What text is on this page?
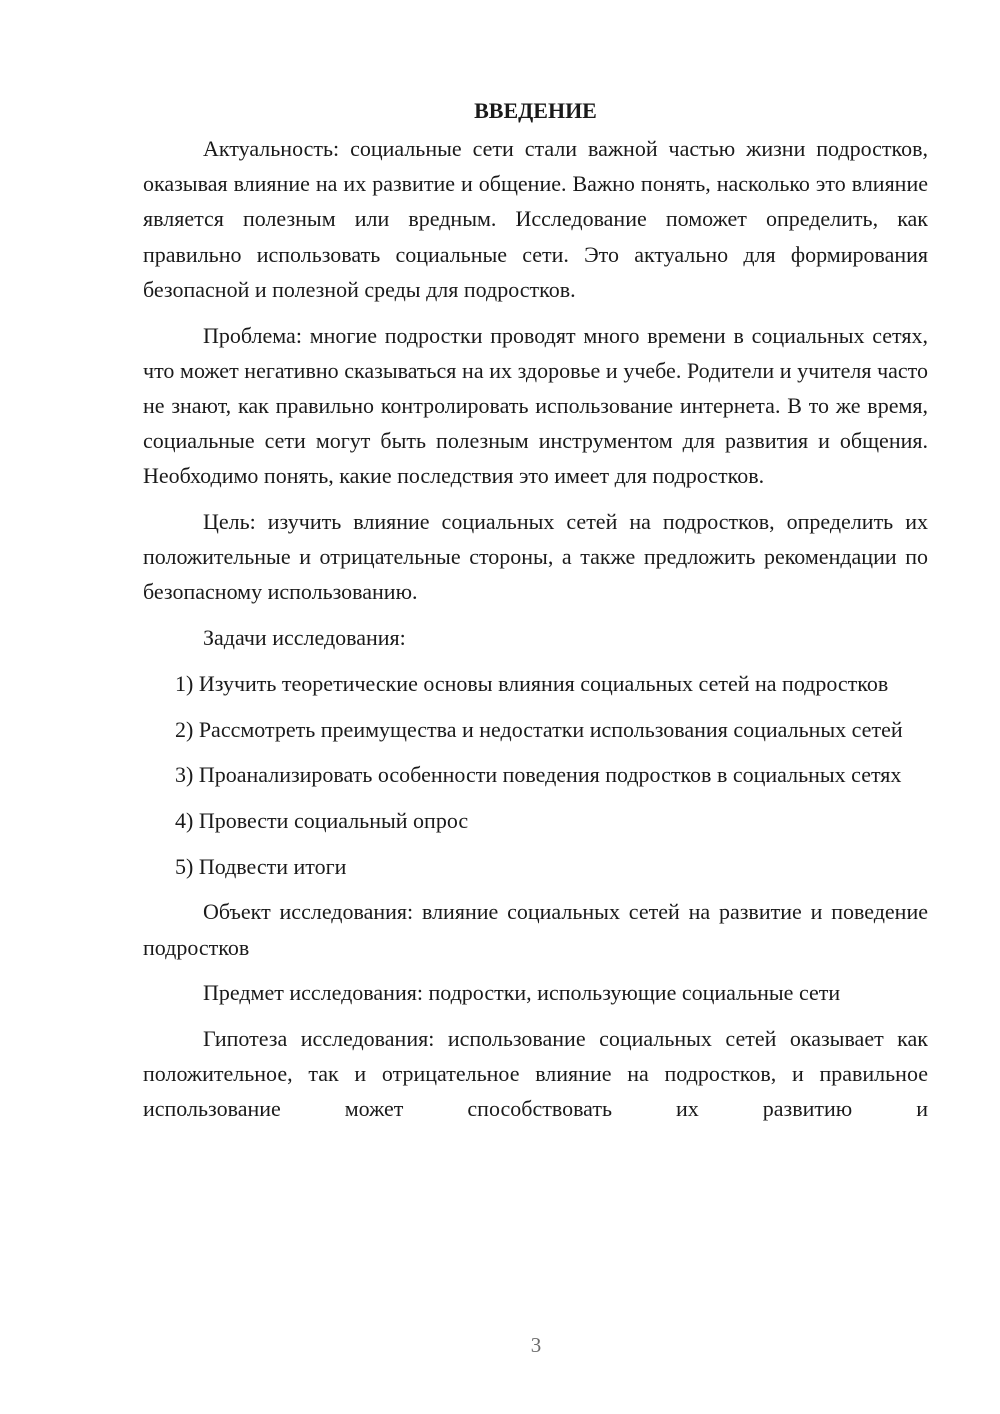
ВВЕДЕНИЕ

Актуальность: социальные сети стали важной частью жизни подростков, оказывая влияние на их развитие и общение. Важно понять, насколько это влияние является полезным или вредным. Исследование поможет определить, как правильно использовать социальные сети. Это актуально для формирования безопасной и полезной среды для подростков.

Проблема: многие подростки проводят много времени в социальных сетях, что может негативно сказываться на их здоровье и учебе. Родители и учителя часто не знают, как правильно контролировать использование интернета. В то же время, социальные сети могут быть полезным инструментом для развития и общения. Необходимо понять, какие последствия это имеет для подростков.

Цель: изучить влияние социальных сетей на подростков, определить их положительные и отрицательные стороны, а также предложить рекомендации по безопасному использованию.

Задачи исследования:

1) Изучить теоретические основы влияния социальных сетей на подростков

2) Рассмотреть преимущества и недостатки использования социальных сетей

3) Проанализировать особенности поведения подростков в социальных сетях

4) Провести социальный опрос

5) Подвести итоги

Объект исследования: влияние социальных сетей на развитие и поведение подростков

Предмет исследования: подростки, использующие социальные сети

Гипотеза исследования: использование социальных сетей оказывает как положительное, так и отрицательное влияние на подростков, и правильное использование может способствовать их развитию и

3
